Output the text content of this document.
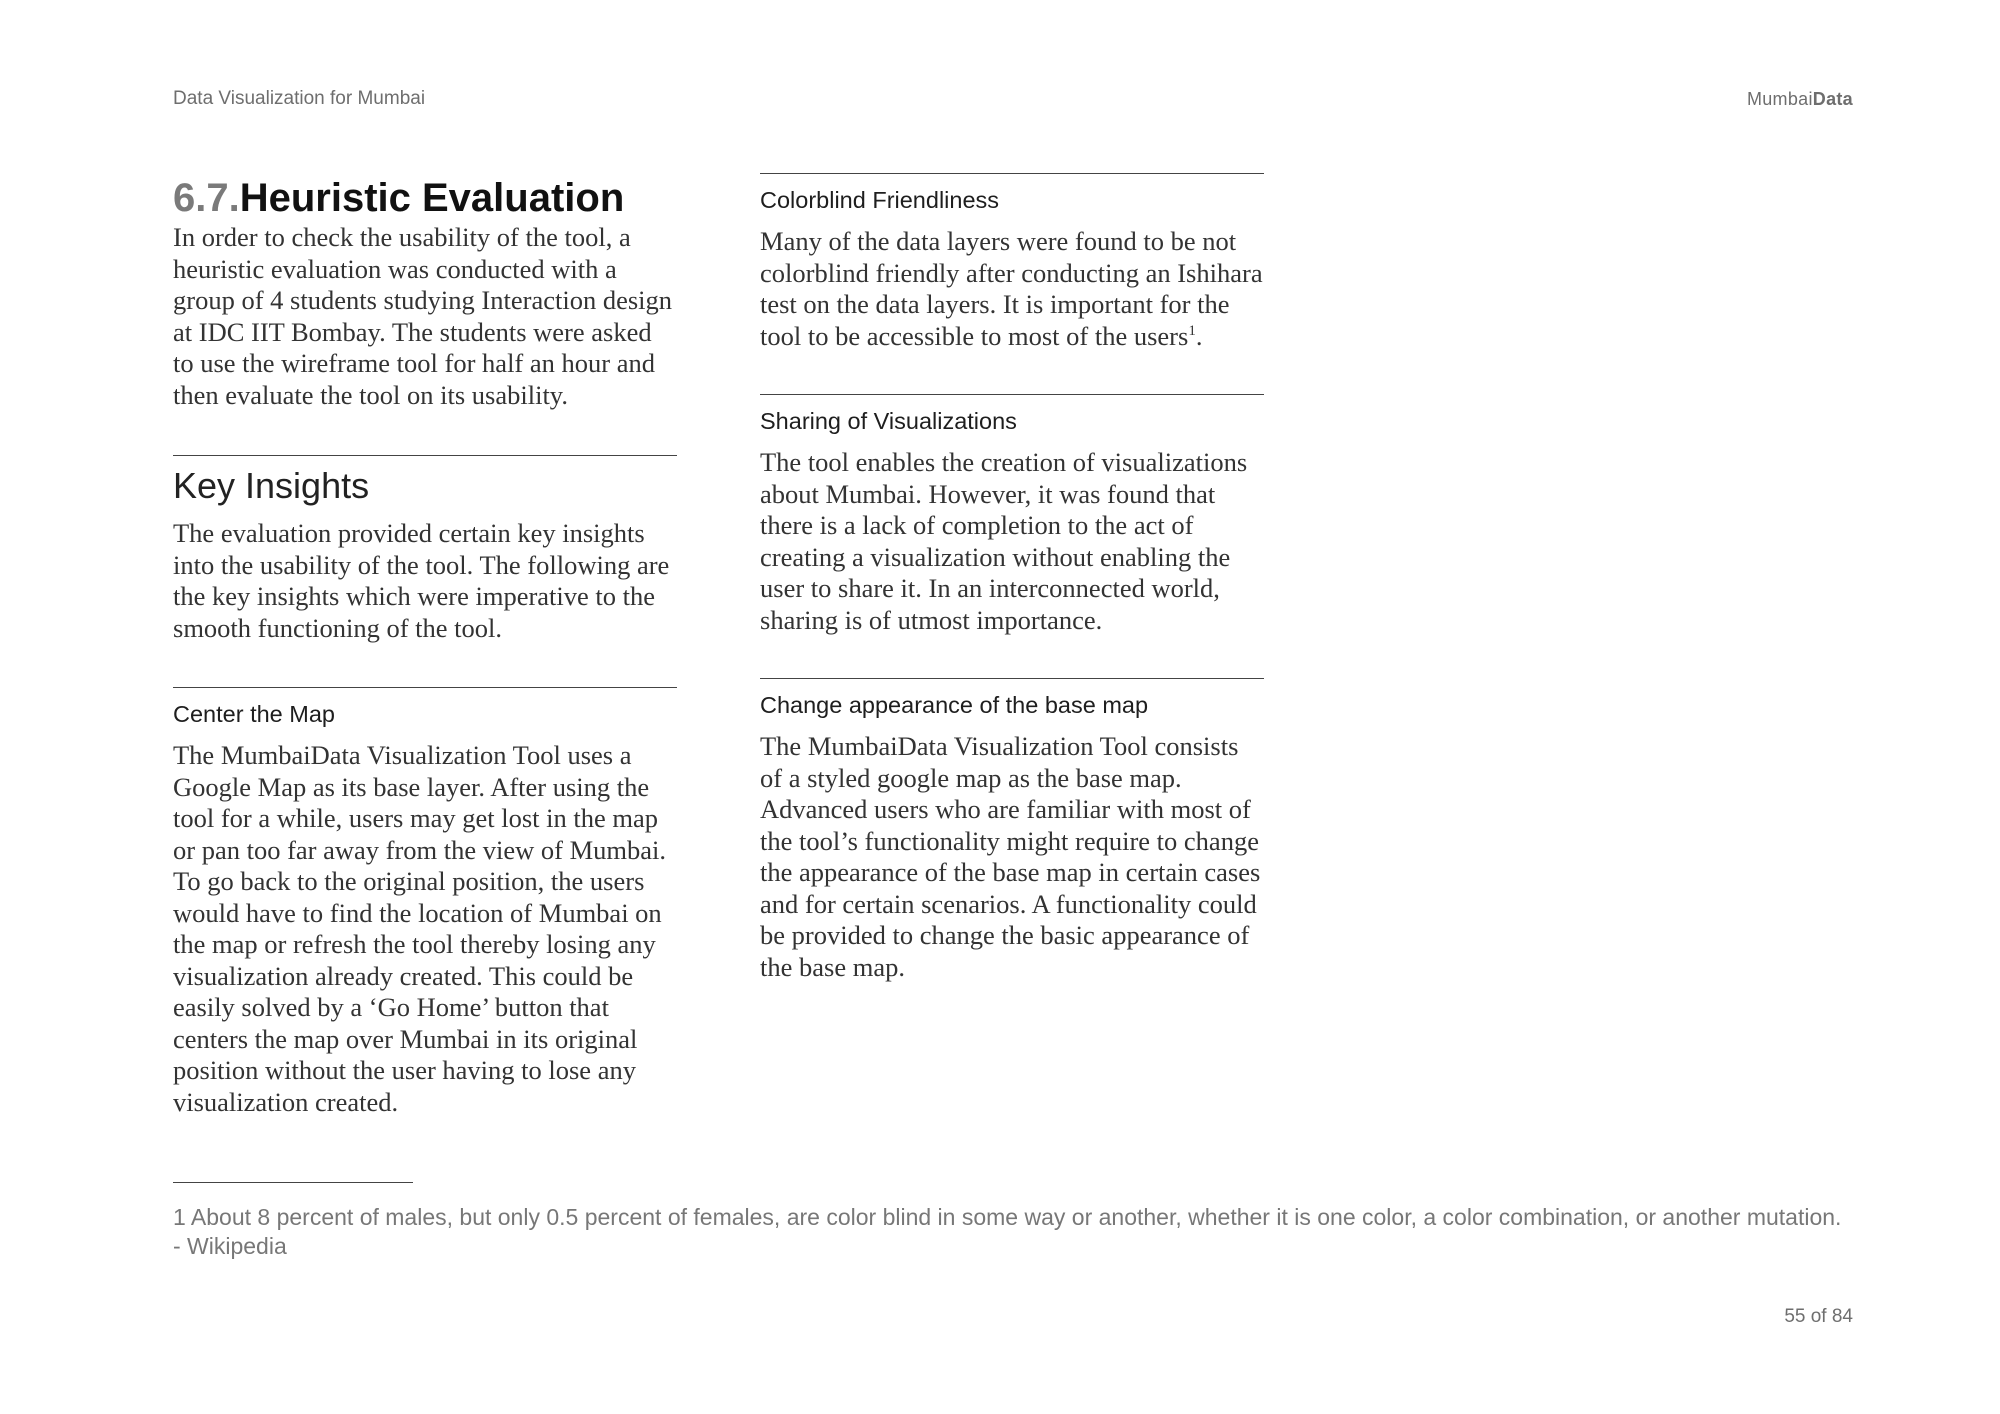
Data Visualization for Mumbai	MumbaiData
6.7.Heuristic Evaluation

In order to check the usability of the tool, a heuristic evaluation was conducted with a group of 4 students studying Interaction design at IDC IIT Bombay. The students were asked to use the wireframe tool for half an hour and then evaluate the tool on its usability.

Key Insights

The evaluation provided certain key insights into the usability of the tool. The following are the key insights which were imperative to the smooth functioning of the tool.

Center the Map

The MumbaiData Visualization Tool uses a Google Map as its base layer. After using the tool for a while, users may get lost in the map or pan too far away from the view of Mumbai. To go back to the original position, the users would have to find the location of Mumbai on the map or refresh the tool thereby losing any visualization already created. This could be easily solved by a ‘Go Home’ button that centers the map over Mumbai in its original position without the user having to lose any visualization created.

Colorblind Friendliness

Many of the data layers were found to be not colorblind friendly after conducting an Ishihara test on the data layers. It is important for the tool to be accessible to most of the users$^1$.

Sharing of Visualizations

The tool enables the creation of visualizations about Mumbai. However, it was found that there is a lack of completion to the act of creating a visualization without enabling the user to share it. In an interconnected world, sharing is of utmost importance.

Change appearance of the base map

The MumbaiData Visualization Tool consists of a styled google map as the base map. Advanced users who are familiar with most of the tool’s functionality might require to change the appearance of the base map in certain cases and for certain scenarios. A functionality could be provided to change the basic appearance of the base map.

1 About 8 percent of males, but only 0.5 percent of females, are color blind in some way or another, whether it is one color, a color combination, or another mutation. - Wikipedia
55 of 84
